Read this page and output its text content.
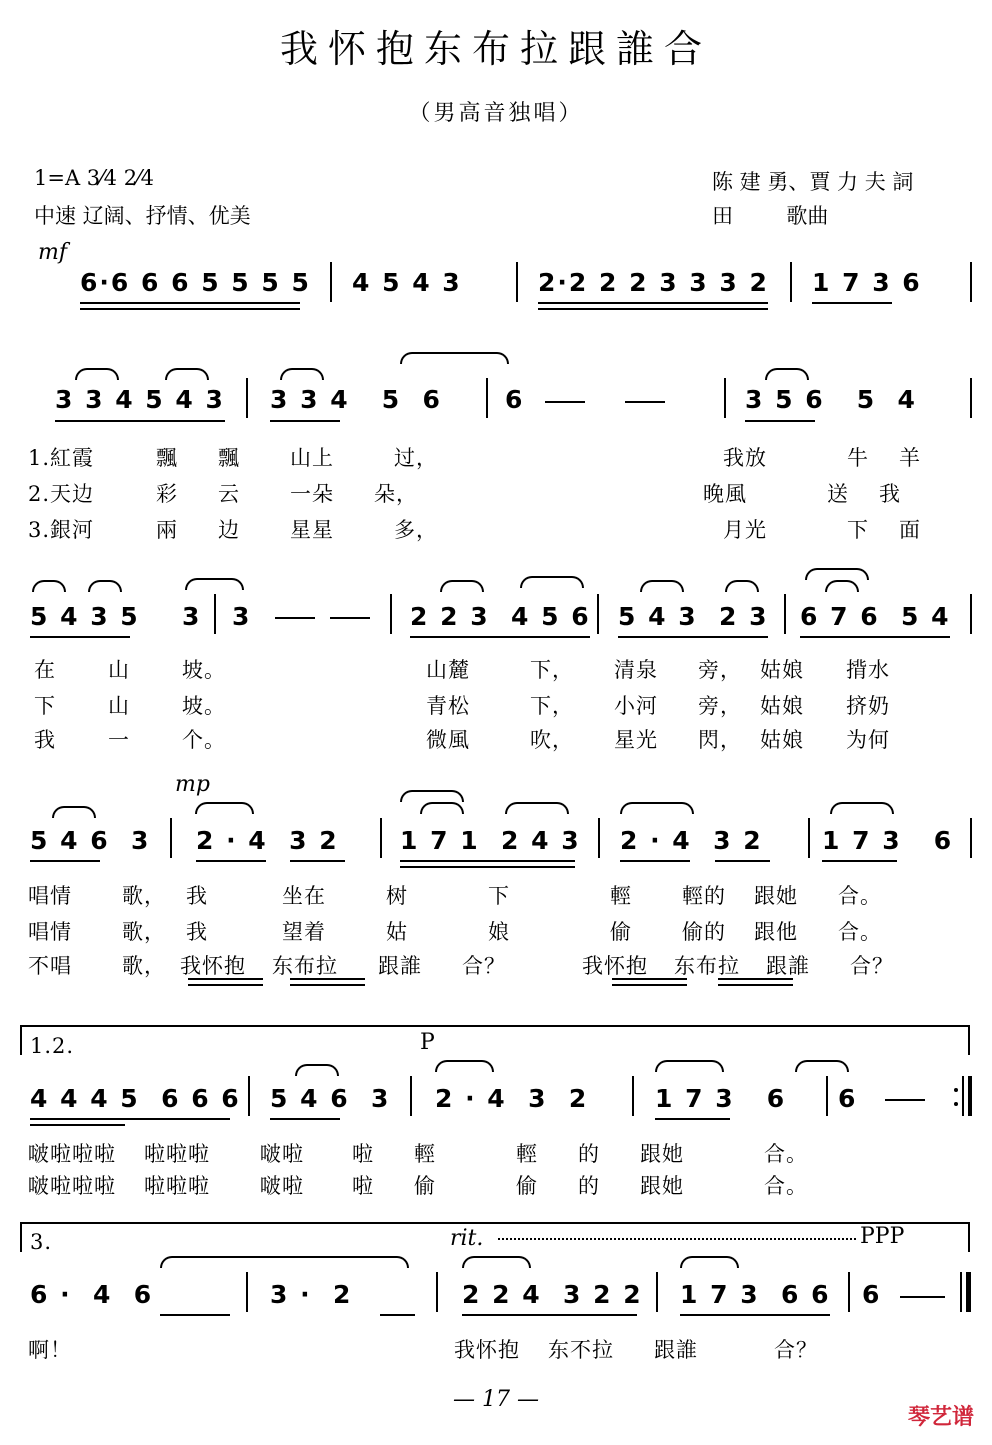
我怀抱东布拉跟誰合
（男高音独唱）
1=A 3⁄4 2⁄4
中速 辽阔、抒情、优美
陈 建 勇、賈 力 夫 詞
田        歌曲
mf
6·6 6 6 5 5 5 5 4 5 4 3	2·2 2 2 3 3 3 2 1 7 3 6
3 3 4 5 4 3 3 3 4   5  6	6	3 5 6   5  4
1.紅霞	飄 飄 山上	过，	我放	牛 羊
2.天边	彩 云 一朵 朵，	晚風	送 我
3.銀河	兩 边 星星	多，	月光	下 面
5 4 3 5 3 3	2 2 3  4 5 6 5 4 3  2 3 6 7 6  5 4
在 山 坡。	山麓	下， 清泉 旁， 姑娘 揹水
下 山 坡。	青松	下， 小河 旁， 姑娘 挤奶
我 一 个。	微風	吹， 星光 閃， 姑娘 为何
mp
5 4 6  3 2 · 4  3 2 1 7 1  2 4 3 2 · 4  3 2 1 7 3   6
唱情 歌， 我	坐在	树	下	輕 輕的 跟她 合。
唱情 歌， 我	望着	姑	娘	偷 偷的 跟他 合。
不唱 歌， 我怀抱 东布拉 跟誰 合？	我怀抱 东布拉 跟誰 合？
1.2.	P
4 4 4 5  6 6 6 5 4 6  3 2 · 4  3  2	1 7 3   6 6
啵啦啦啦 啦啦啦 啵啦 啦 輕	輕 的 跟她	合。
啵啦啦啦 啦啦啦 啵啦 啦 偷	偷 的 跟她	合。
3.	rit.	PPP
6 ·  4  6	3 ·  2	2 2 4  3 2 2 1 7 3  6 6 6
啊！	我怀抱 东不拉 跟誰	合？
— 17 —
琴艺谱
